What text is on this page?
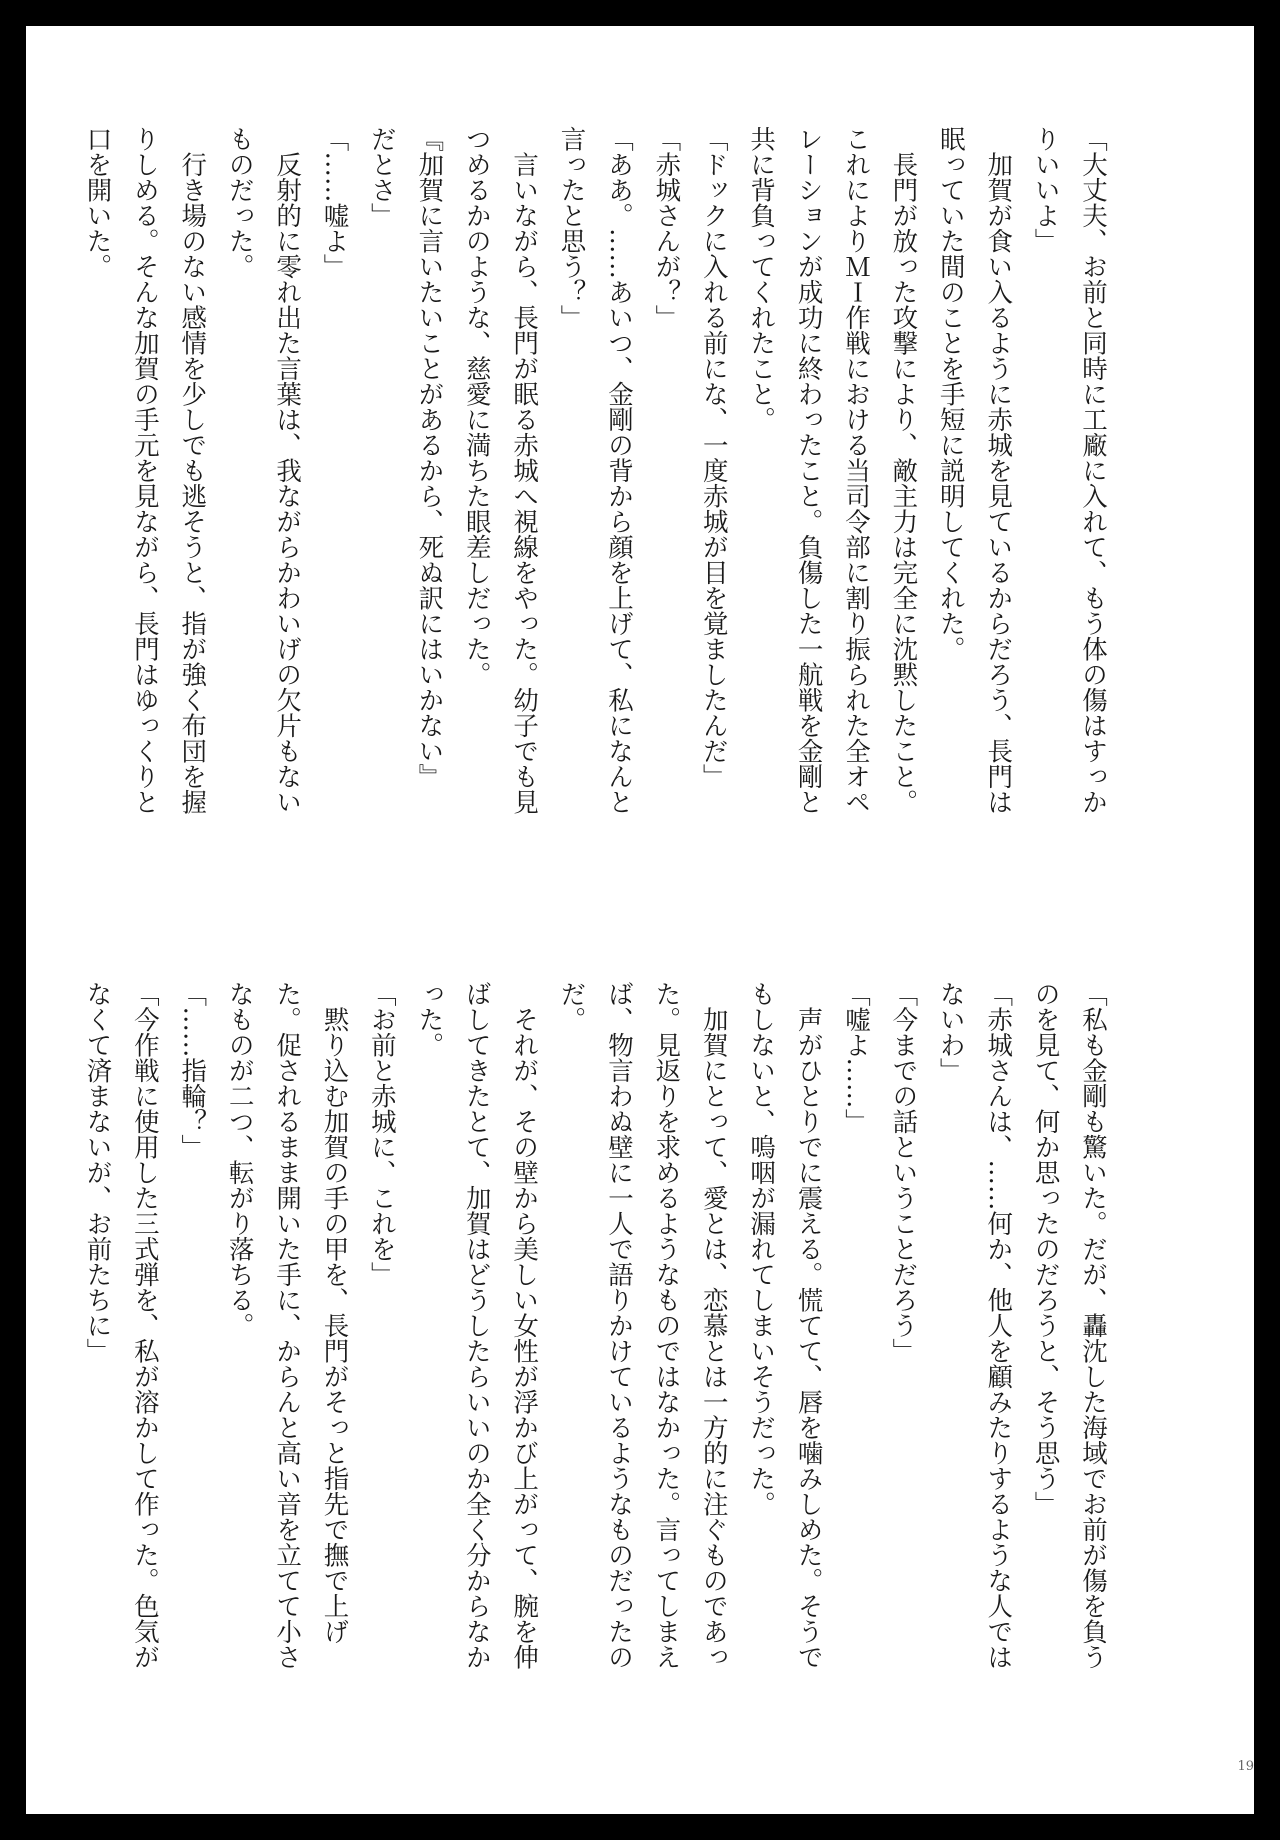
「大丈夫、お前と同時に工廠に入れて、もう体の傷はすっか

りいいよ」

　加賀が食い入るように赤城を見ているからだろう、長門は

眠っていた間のことを手短に説明してくれた。

　長門が放った攻撃により、敵主力は完全に沈黙したこと。

これによりＭＩ作戦における当司令部に割り振られた全オペ

レーションが成功に終わったこと。負傷した一航戦を金剛と

共に背負ってくれたこと。

「ドックに入れる前にな、一度赤城が目を覚ましたんだ」

「赤城さんが？」

「ああ。……あいつ、金剛の背から顔を上げて、私になんと

言ったと思う？」

　言いながら、長門が眠る赤城へ視線をやった。幼子でも見

つめるかのような、慈愛に満ちた眼差しだった。

『加賀に言いたいことがあるから、死ぬ訳にはいかない』

だとさ」

「……嘘よ」

　反射的に零れ出た言葉は、我ながらかわいげの欠片もない

ものだった。

　行き場のない感情を少しでも逃そうと、指が強く布団を握

りしめる。そんな加賀の手元を見ながら、長門はゆっくりと

口を開いた。

「私も金剛も驚いた。だが、轟沈した海域でお前が傷を負う

のを見て、何か思ったのだろうと、そう思う」

「赤城さんは、……何か、他人を顧みたりするような人では

ないわ」

「今までの話ということだろう」

「嘘よ……」

　声がひとりでに震える。慌てて、唇を噛みしめた。そうで

もしないと、嗚咽が漏れてしまいそうだった。

　加賀にとって、愛とは、恋慕とは一方的に注ぐものであっ

た。見返りを求めるようなものではなかった。言ってしまえ

ば、物言わぬ壁に一人で語りかけているようなものだったの

だ。

　それが、その壁から美しい女性が浮かび上がって、腕を伸

ばしてきたとて、加賀はどうしたらいいのか全く分からなか

った。

「お前と赤城に、これを」

　黙り込む加賀の手の甲を、長門がそっと指先で撫で上げ

た。促されるまま開いた手に、からんと高い音を立てて小さ

なものが二つ、転がり落ちる。

「……指輪？」

「今作戦に使用した三式弾を、私が溶かして作った。色気が

なくて済まないが、お前たちに」

19
